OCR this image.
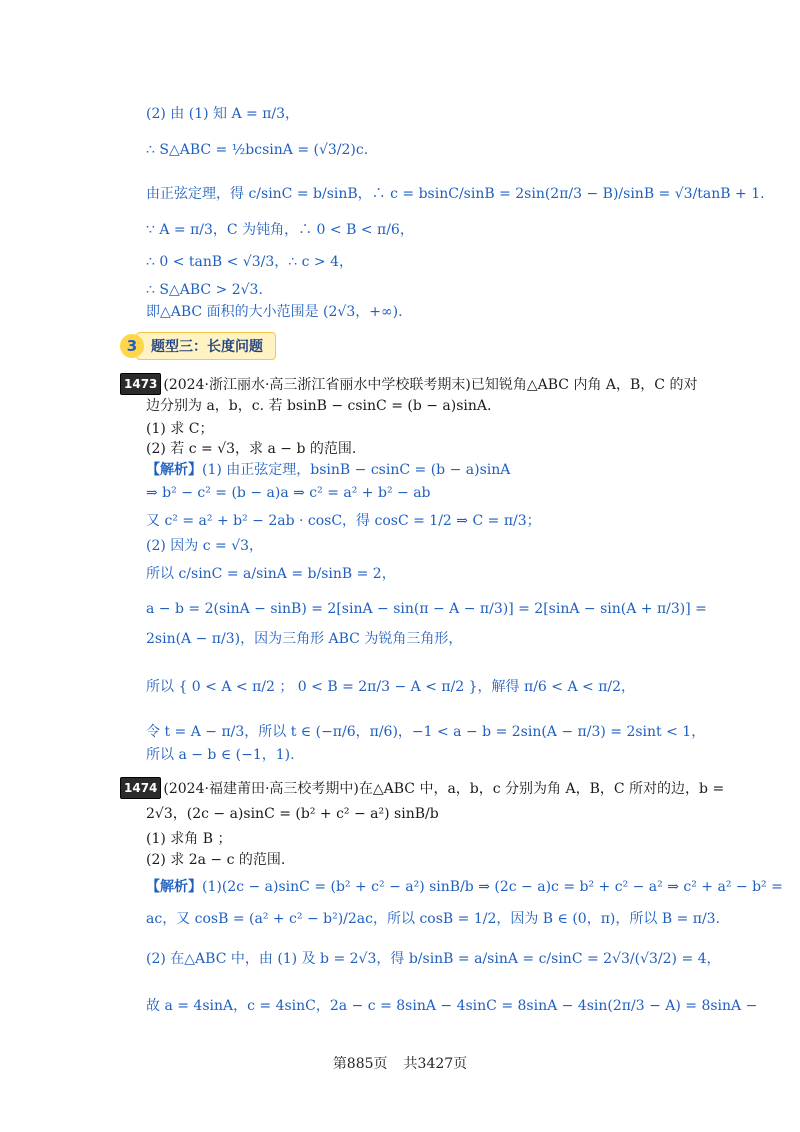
(2) 由 (1) 知 A = π/3，
∴ S△ABC = ½bcsinA = (√3/2)c.
由正弦定理，得 c/sinC = b/sinB，∴ c = bsinC/sinB = 2sin(2π/3 − B)/sinB = √3/tanB + 1.
∵ A = π/3，C 为钝角，∴ 0 < B < π/6，
∴ 0 < tanB < √3/3，∴ c > 4，
∴ S△ABC > 2√3.
即△ABC 面积的大小范围是 (2√3，+∞).
3 题型三：长度问题
1473 (2024·浙江丽水·高三浙江省丽水中学校联考期末)已知锐角△ABC 内角 A，B，C 的对
边分别为 a，b，c. 若 bsinB − csinC = (b − a)sinA.
(1) 求 C；
(2) 若 c = √3，求 a − b 的范围.
【解析】(1) 由正弦定理，bsinB − csinC = (b − a)sinA
⇒ b² − c² = (b − a)a ⇒ c² = a² + b² − ab
又 c² = a² + b² − 2ab · cosC，得 cosC = 1/2 ⇒ C = π/3；
(2) 因为 c = √3，
所以 c/sinC = a/sinA = b/sinB = 2，
a − b = 2(sinA − sinB) = 2[sinA − sin(π − A − π/3)] = 2[sinA − sin(A + π/3)] =
2sin(A − π/3)，因为三角形 ABC 为锐角三角形，
所以 { 0 < A < π/2 ； 0 < B = 2π/3 − A < π/2 }，解得 π/6 < A < π/2，
令 t = A − π/3，所以 t ∈ (−π/6，π/6)，−1 < a − b = 2sin(A − π/3) = 2sint < 1，
所以 a − b ∈ (−1，1).
1474 (2024·福建莆田·高三校考期中)在△ABC 中，a，b，c 分别为角 A，B，C 所对的边，b =
2√3，(2c − a)sinC = (b² + c² − a²) sinB/b
(1) 求角 B ；
(2) 求 2a − c 的范围.
【解析】(1)(2c − a)sinC = (b² + c² − a²) sinB/b ⇒ (2c − a)c = b² + c² − a² ⇒ c² + a² − b² =
ac，又 cosB = (a² + c² − b²)/2ac，所以 cosB = 1/2，因为 B ∈ (0，π)，所以 B = π/3.
(2) 在△ABC 中，由 (1) 及 b = 2√3，得 b/sinB = a/sinA = c/sinC = 2√3/(√3/2) = 4，
故 a = 4sinA，c = 4sinC，2a − c = 8sinA − 4sinC = 8sinA − 4sin(2π/3 − A) = 8sinA −
第885页 共3427页
